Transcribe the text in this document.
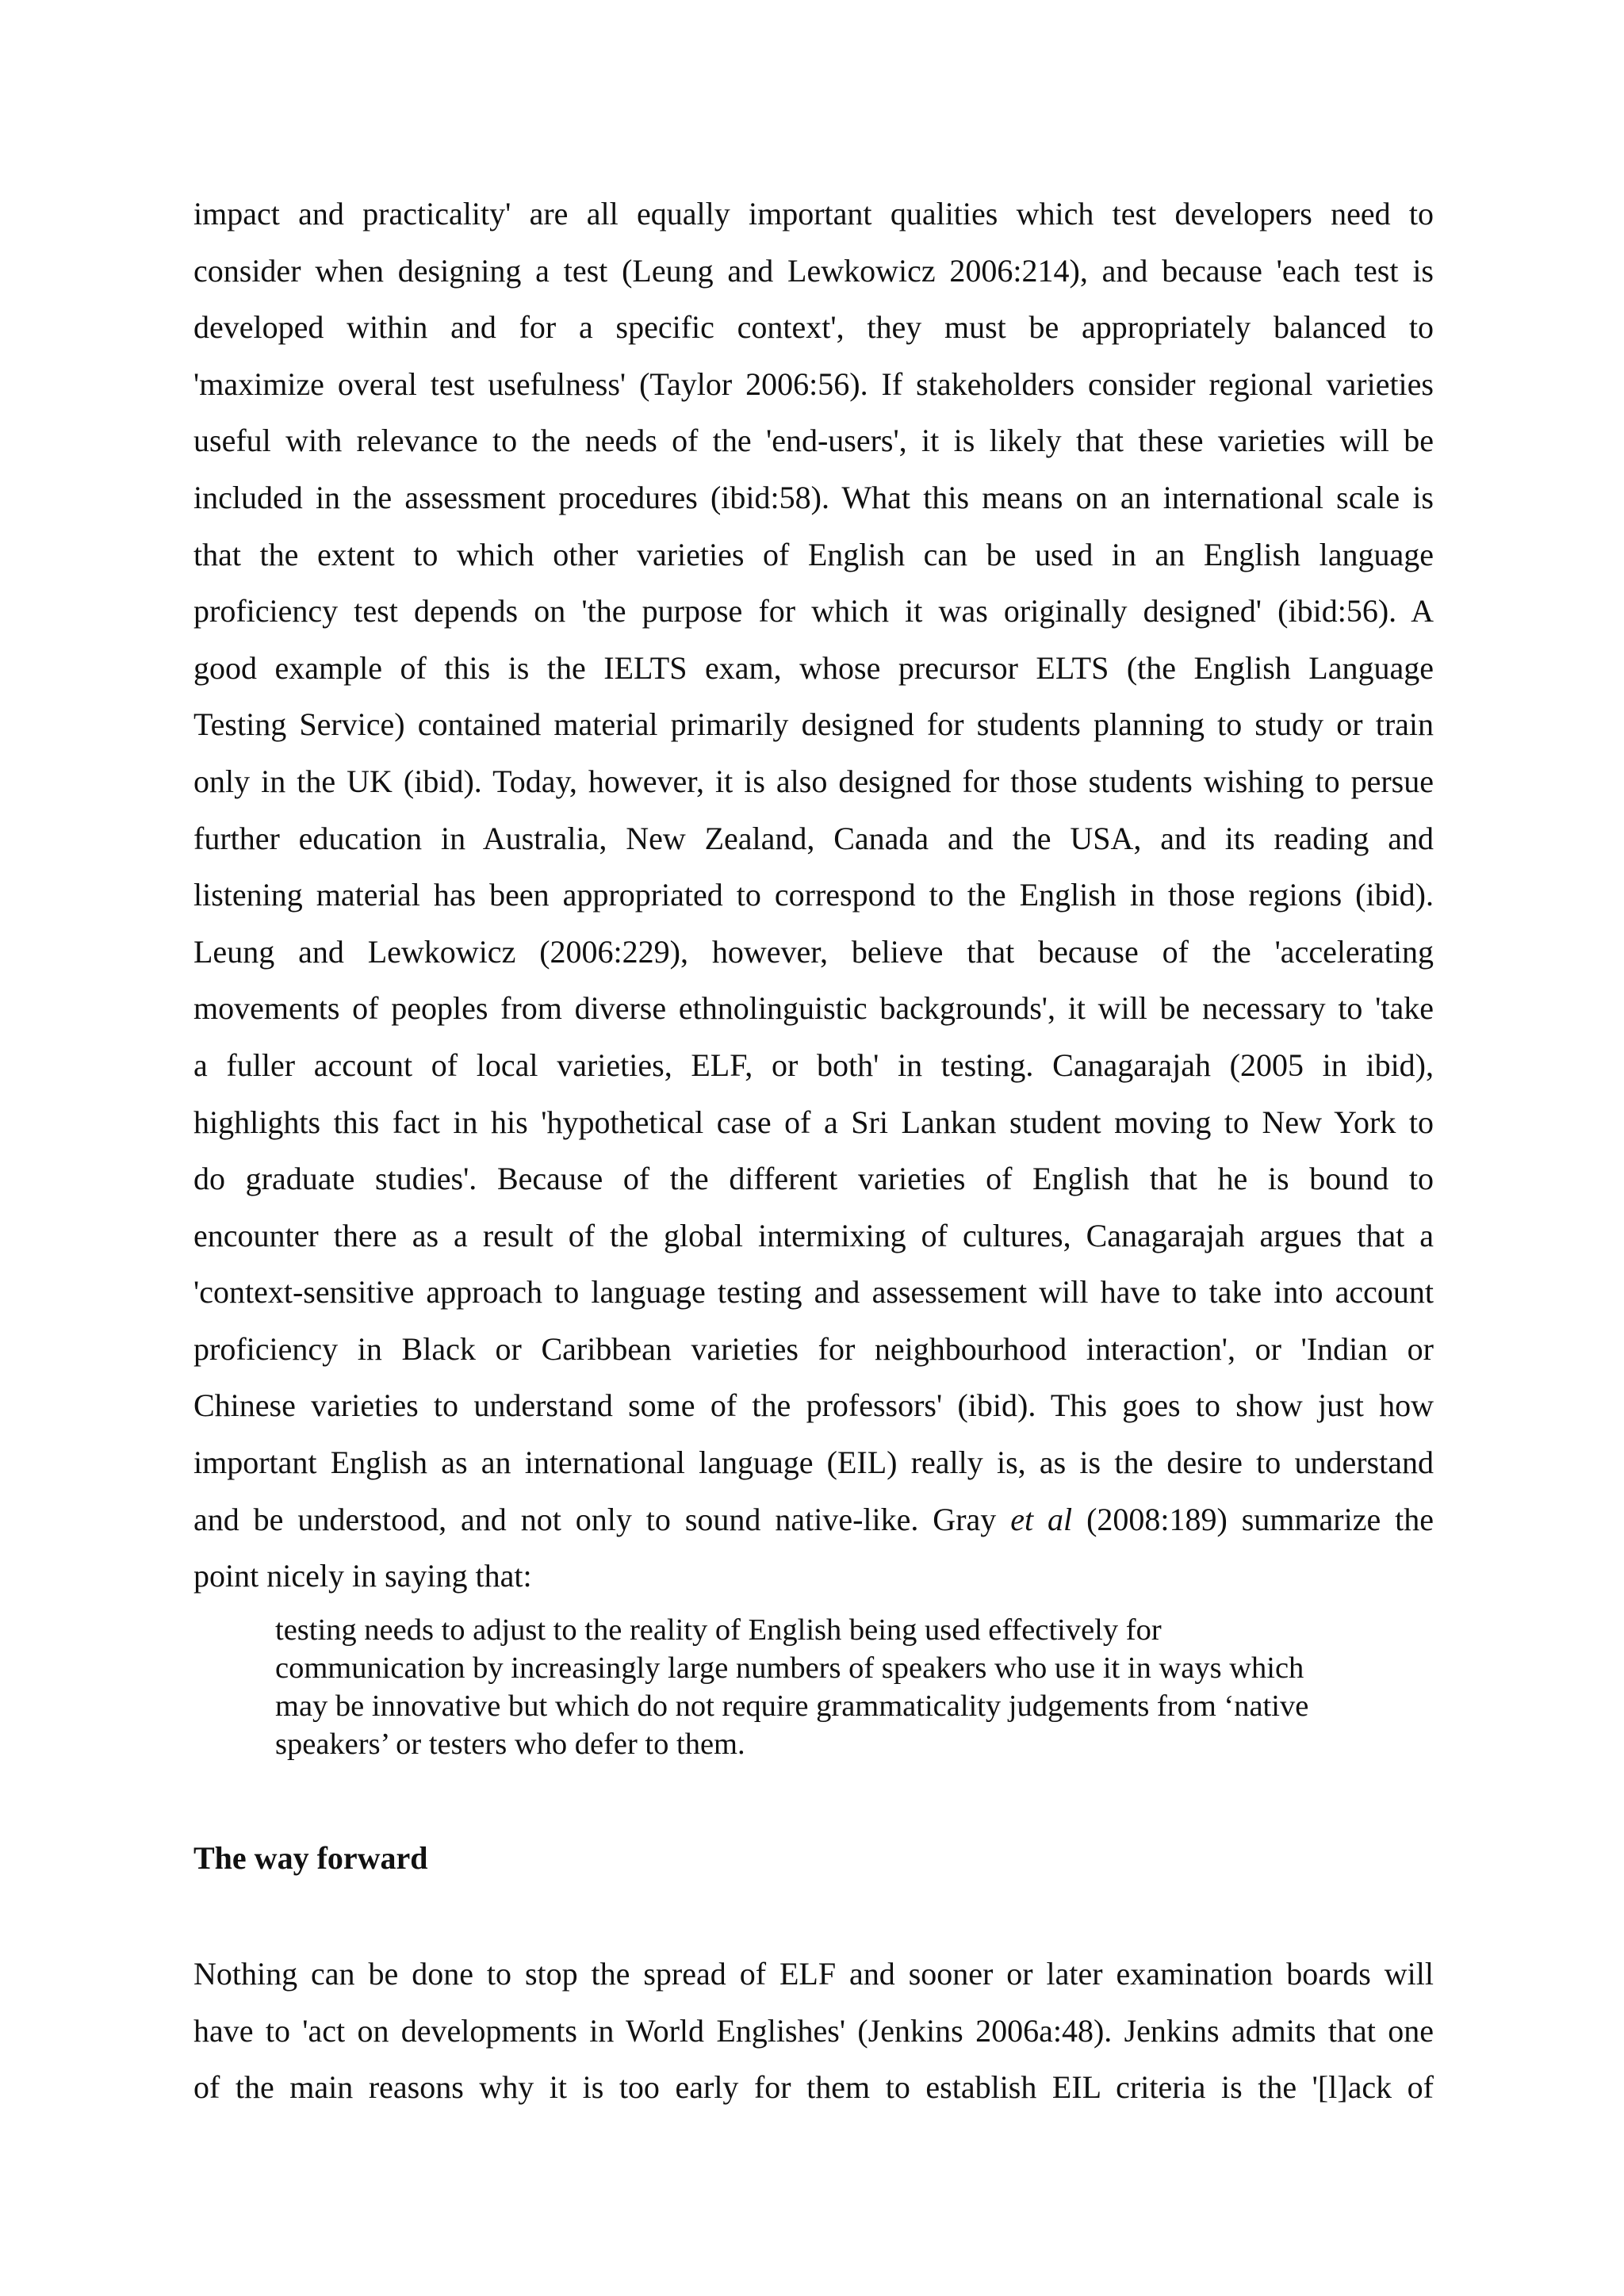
impact and practicality' are all equally important qualities which test developers need to
consider when designing a test (Leung and Lewkowicz 2006:214), and because 'each test is
developed within and for a specific context', they must be appropriately balanced to
'maximize overal test usefulness' (Taylor 2006:56). If stakeholders consider regional varieties
useful with relevance to the needs of the 'end-users', it is likely that these varieties will be
included in the assessment procedures (ibid:58). What this means on an international scale is
that the extent to which other varieties of English can be used in an English language
proficiency test depends on 'the purpose for which it was originally designed' (ibid:56). A
good example of this is the IELTS exam, whose precursor ELTS (the English Language
Testing Service) contained material primarily designed for students planning to study or train
only in the UK (ibid). Today, however, it is also designed for those students wishing to persue
further education in Australia, New Zealand, Canada and the USA, and its reading and
listening material has been appropriated to correspond to the English in those regions (ibid).
Leung and Lewkowicz (2006:229), however, believe that because of the 'accelerating
movements of peoples from diverse ethnolinguistic backgrounds', it will be necessary to 'take
a fuller account of local varieties, ELF, or both' in testing. Canagarajah (2005 in ibid),
highlights this fact in his 'hypothetical case of a Sri Lankan student moving to New York to
do graduate studies'. Because of the different varieties of English that he is bound to
encounter there as a result of the global intermixing of cultures, Canagarajah argues that a
'context-sensitive approach to language testing and assessement will have to take into account
proficiency in Black or Caribbean varieties for neighbourhood interaction', or 'Indian or
Chinese varieties to understand some of the professors' (ibid). This goes to show just how
important English as an international language (EIL) really is, as is the desire to understand
and be understood, and not only to sound native-like. Gray et al (2008:189) summarize the
point nicely in saying that:
testing needs to adjust to the reality of English being used effectively for
communication by increasingly large numbers of speakers who use it in ways which
may be innovative but which do not require grammaticality judgements from ‘native
speakers’ or testers who defer to them.
The way forward
Nothing can be done to stop the spread of ELF and sooner or later examination boards will
have to 'act on developments in World Englishes' (Jenkins 2006a:48). Jenkins admits that one
of the main reasons why it is too early for them to establish EIL criteria is the '[l]ack of
